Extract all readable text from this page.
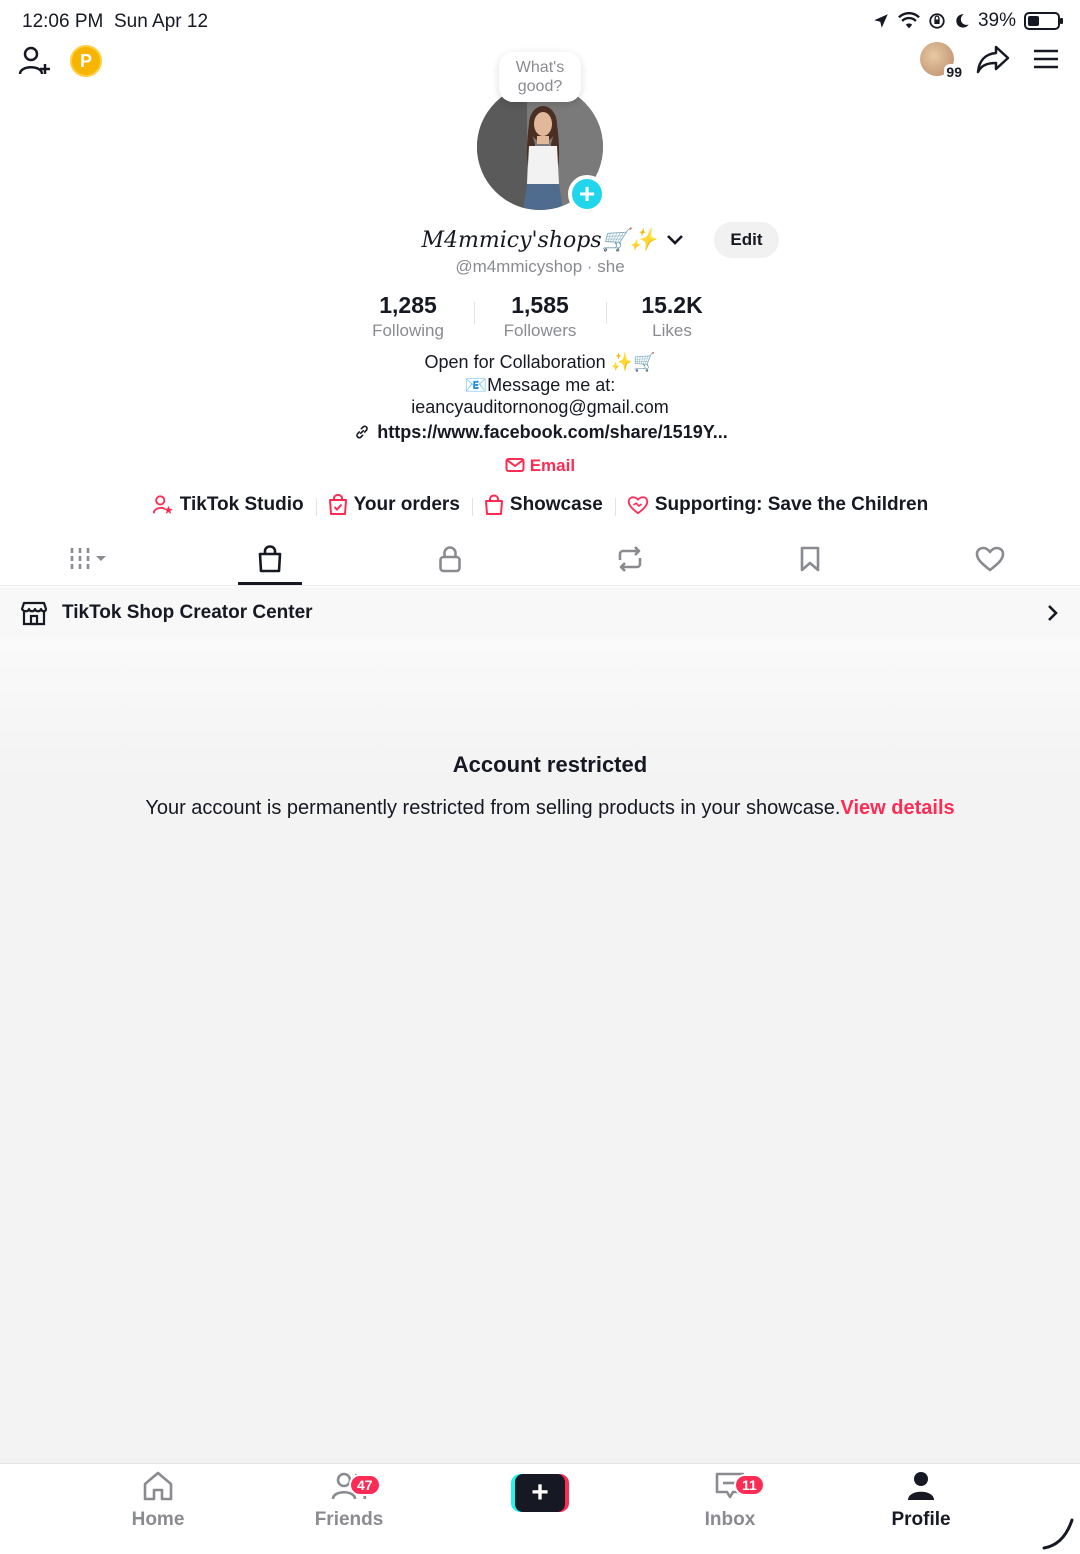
12:06 PM Sun Apr 12	39%
P
99
What's
good?
+
M4mmicy'shops🛒✨	Edit
@m4mmicyshop · she
1,285
Following
1,585
Followers
15.2K
Likes
Open for Collaboration ✨🛒
📧Message me at:
ieancyauditornonog@gmail.com
https://www.facebook.com/share/1519Y...
Email
TikTok Studio	Your orders	Showcase	Supporting: Save the Children
TikTok Shop Creator Center
Account restricted
Your account is permanently restricted from selling products in your showcase.View details
Home	Friends
47	+
Inbox
11
Profile
